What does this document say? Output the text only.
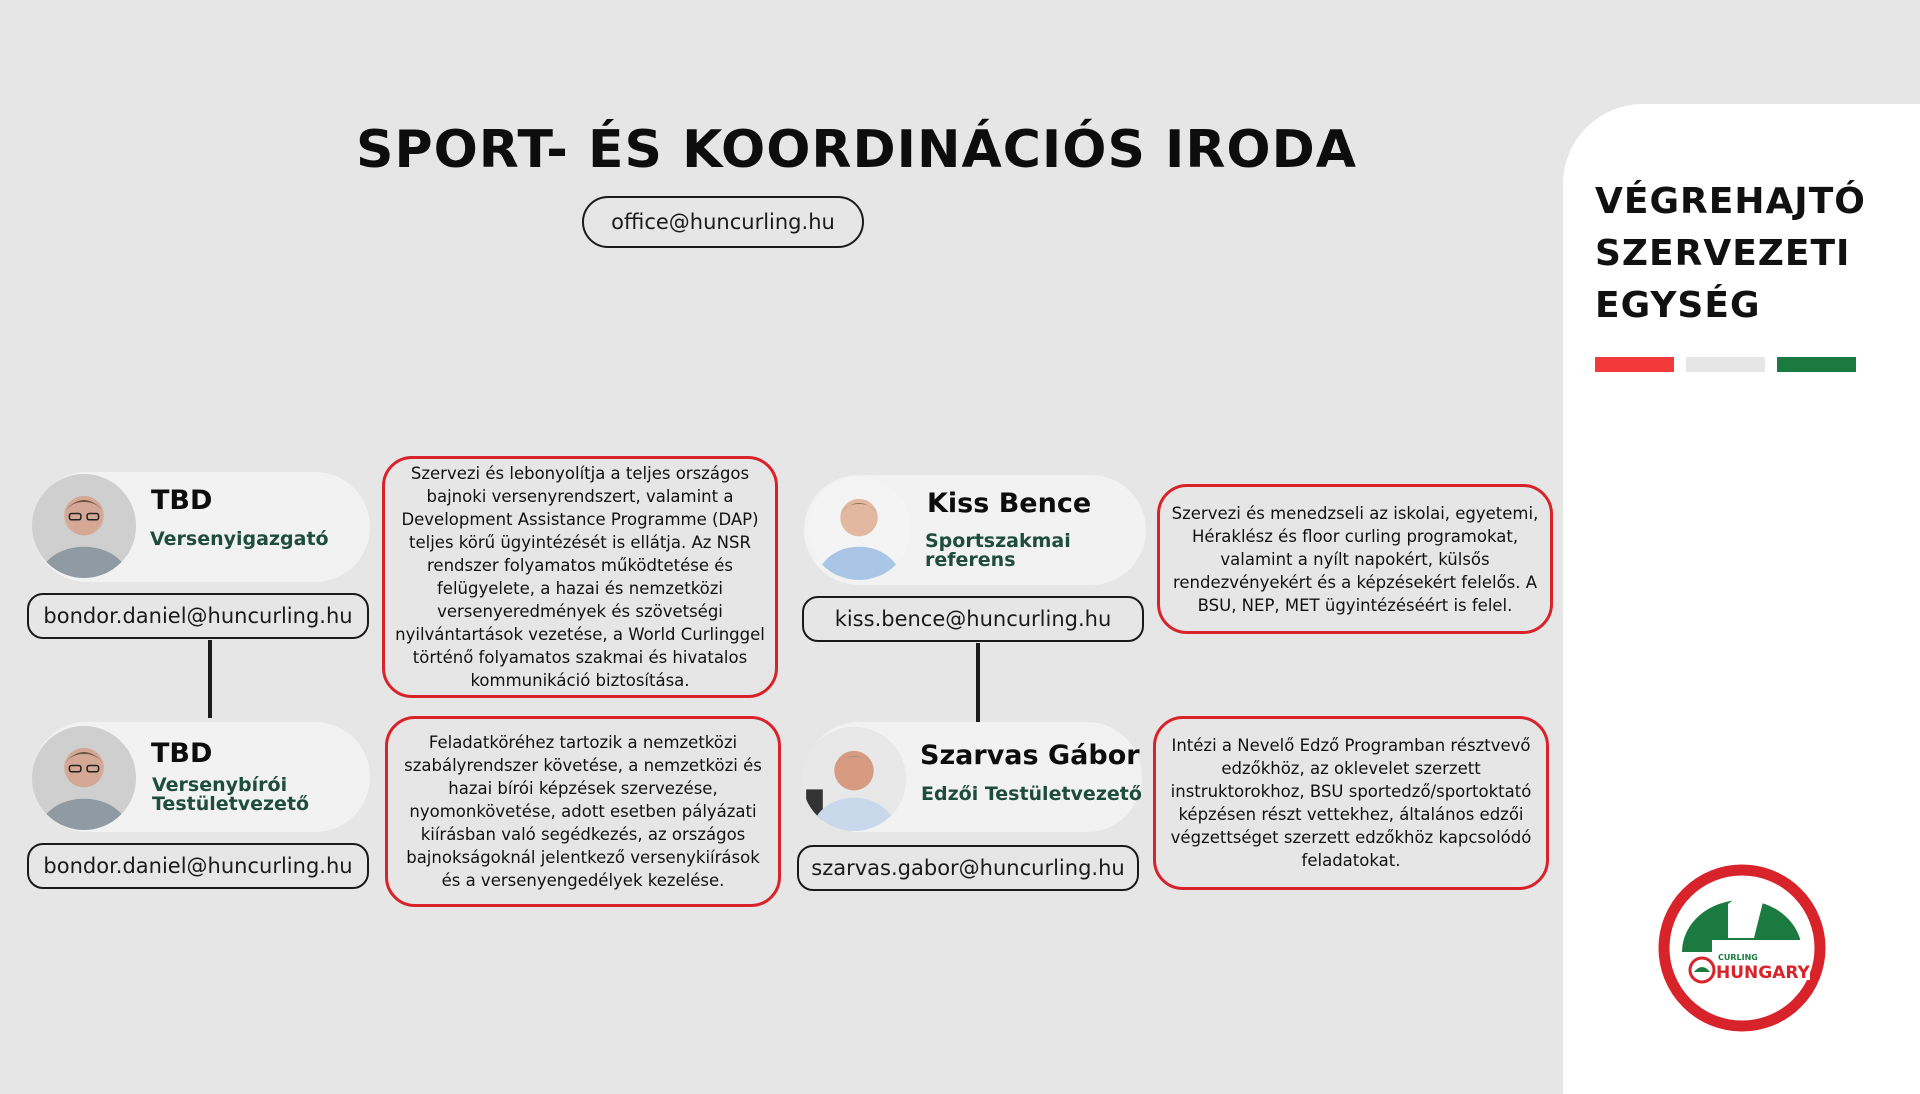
SPORT- ÉS KOORDINÁCIÓS IRODA
office@huncurling.hu
TBD
Versenyigazgató
bondor.daniel@huncurling.hu
TBD
Versenybírói Testületvezető
bondor.daniel@huncurling.hu
Kiss Bence
Sportszakmai referens
kiss.bence@huncurling.hu
Szarvas Gábor
Edzői Testületvezető
szarvas.gabor@huncurling.hu
Szervezi és lebonyolítja a teljes országos bajnoki versenyrendszert, valamint a Development Assistance Programme (DAP) teljes körű ügyintézését is ellátja. Az NSR rendszer folyamatos működtetése és felügyelete, a hazai és nemzetközi versenyeredmények és szövetségi nyilvántartások vezetése, a World Curlinggel történő folyamatos szakmai és hivatalos kommunikáció biztosítása.
Feladatköréhez tartozik a nemzetközi szabályrendszer követése, a nemzetközi és hazai bírói képzések szervezése, nyomonkövetése, adott esetben pályázati kiírásban való segédkezés, az országos bajnokságoknál jelentkező versenykiírások és a versenyengedélyek kezelése.
Szervezi és menedzseli az iskolai, egyetemi, Héraklész és floor curling programokat, valamint a nyílt napokért, külsős rendezvényekért és a képzésekért felelős. A BSU, NEP, MET ügyintézéséért is felel.
Intézi a Nevelő Edző Programban résztvevő edzőkhöz, az oklevelet szerzett instruktorokhoz, BSU sportedző/sportoktató képzésen részt vettekhez, általános edzői végzettséget szerzett edzőkhöz kapcsolódó feladatokat.
VÉGREHAJTÓ
SZERVEZETI
EGYSÉG
CURLING
HUNGARY
